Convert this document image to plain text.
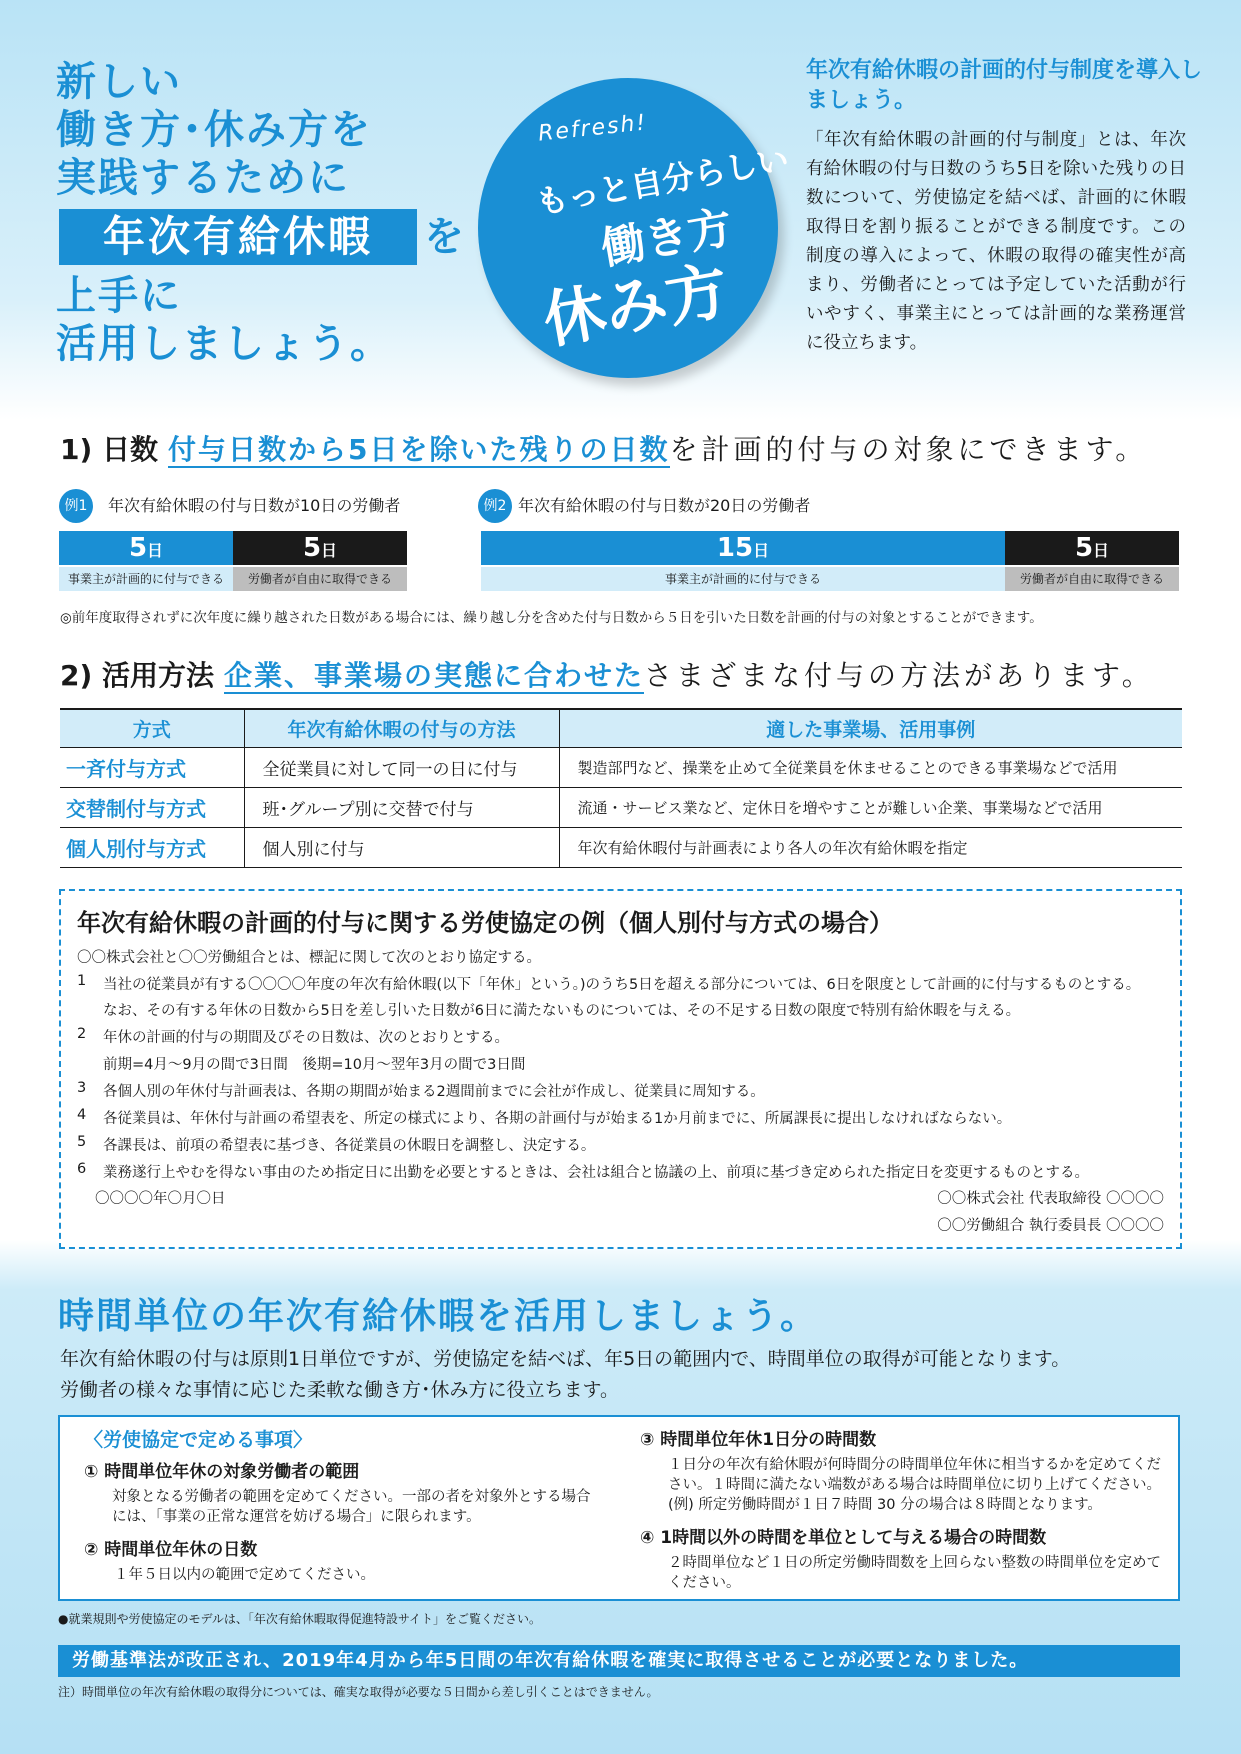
新しい
働き方･休み方を
実践するために
年次有給休暇	を
上手に
活用しましょう。
Refresh!
もっと自分らしい
働き方
休み方
年次有給休暇の計画的付与制度を導入しましょう。
「年次有給休暇の計画的付与制度」とは、年次有給休暇の付与日数のうち5日を除いた残りの日数について、労使協定を結べば、計画的に休暇取得日を割り振ることができる制度です。この制度の導入によって、休暇の取得の確実性が高まり、労働者にとっては予定していた活動が行いやすく、事業主にとっては計画的な業務運営に役立ちます。
1) 日数 付与日数から5日を除いた残りの日数を計画的付与の対象にできます。
例1	年次有給休暇の付与日数が10日の労働者
5日	5日
事業主が計画的に付与できる	労働者が自由に取得できる
例2 年次有給休暇の付与日数が20日の労働者
15日	5日
事業主が計画的に付与できる	労働者が自由に取得できる
◎前年度取得されずに次年度に繰り越された日数がある場合には、繰り越し分を含めた付与日数から５日を引いた日数を計画的付与の対象とすることができます。
2) 活用方法 企業、事業場の実態に合わせたさまざまな付与の方法があります。
方式	年次有給休暇の付与の方法	適した事業場、活用事例
一斉付与方式	全従業員に対して同一の日に付与	製造部門など、操業を止めて全従業員を休ませることのできる事業場などで活用
交替制付与方式	班･グループ別に交替で付与	流通・サービス業など、定休日を増やすことが難しい企業、事業場などで活用
個人別付与方式	個人別に付与	年次有給休暇付与計画表により各人の年次有給休暇を指定
年次有給休暇の計画的付与に関する労使協定の例（個人別付与方式の場合）
〇〇株式会社と〇〇労働組合とは、標記に関して次のとおり協定する。
1 当社の従業員が有する〇〇〇〇年度の年次有給休暇(以下「年休」という。)のうち5日を超える部分については、6日を限度として計画的に付与するものとする。
なお、その有する年休の日数から5日を差し引いた日数が6日に満たないものについては、その不足する日数の限度で特別有給休暇を与える。
2 年休の計画的付与の期間及びその日数は、次のとおりとする。
前期=4月～9月の間で3日間　後期=10月～翌年3月の間で3日間
3 各個人別の年休付与計画表は、各期の期間が始まる2週間前までに会社が作成し、従業員に周知する。
4 各従業員は、年休付与計画の希望表を、所定の様式により、各期の計画付与が始まる1か月前までに、所属課長に提出しなければならない。
5 各課長は、前項の希望表に基づき、各従業員の休暇日を調整し、決定する。
6 業務遂行上やむを得ない事由のため指定日に出勤を必要とするときは、会社は組合と協議の上、前項に基づき定められた指定日を変更するものとする。
〇〇〇〇年〇月〇日	〇〇株式会社 代表取締役 〇〇〇〇
〇〇労働組合 執行委員長 〇〇〇〇
時間単位の年次有給休暇を活用しましょう。
年次有給休暇の付与は原則1日単位ですが、労使協定を結べば、年5日の範囲内で、時間単位の取得が可能となります。
労働者の様々な事情に応じた柔軟な働き方･休み方に役立ちます。
〈労使協定で定める事項〉
① 時間単位年休の対象労働者の範囲
対象となる労働者の範囲を定めてください。一部の者を対象外とする場合には、「事業の正常な運営を妨げる場合」に限られます。
② 時間単位年休の日数
１年５日以内の範囲で定めてください。
③ 時間単位年休1日分の時間数
１日分の年次有給休暇が何時間分の時間単位年休に相当するかを定めてください。１時間に満たない端数がある場合は時間単位に切り上げてください。(例) 所定労働時間が１日７時間 30 分の場合は８時間となります。
④ 1時間以外の時間を単位として与える場合の時間数
２時間単位など１日の所定労働時間数を上回らない整数の時間単位を定めてください。
●就業規則や労使協定のモデルは、「年次有給休暇取得促進特設サイト」をご覧ください。
労働基準法が改正され、2019年4月から年5日間の年次有給休暇を確実に取得させることが必要となりました。
注）時間単位の年次有給休暇の取得分については、確実な取得が必要な５日間から差し引くことはできません。
